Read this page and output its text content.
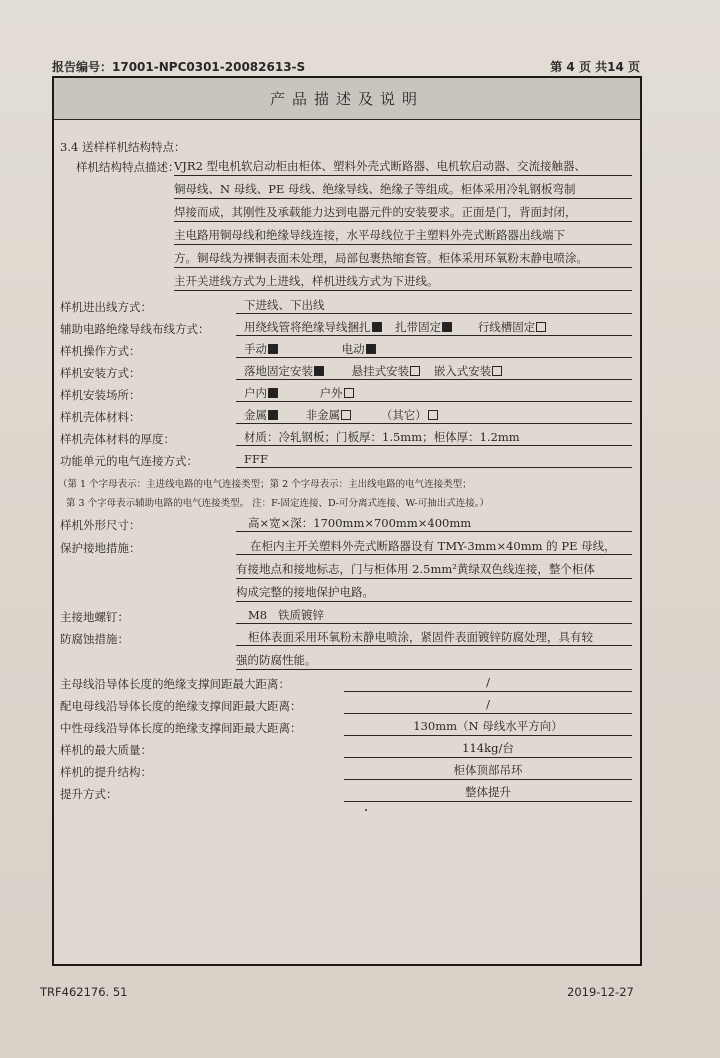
报告编号：17001-NPC0301-20082613-S	第 4 页 共14 页
产品描述及说明
3.4 送样样机结构特点：
样机结构特点描述：
VJR2 型电机软启动柜由柜体、塑料外壳式断路器、电机软启动器、交流接触器、
铜母线、N 母线、PE 母线、绝缘导线、绝缘子等组成。柜体采用冷轧钢板弯制
焊接而成，其刚性及承载能力达到电器元件的安装要求。正面是门，背面封闭，
主电路用铜母线和绝缘导线连接，水平母线位于主塑料外壳式断路器出线端下
方。铜母线为裸铜表面未处理，局部包裹热缩套管。柜体采用环氧粉末静电喷涂。
主开关进线方式为上进线，样机进线方式为下进线。
样机进出线方式：	下进线、下出线
辅助电路绝缘导线布线方式：	用绕线管将绝缘导线捆扎 扎带固定	行线槽固定
样机操作方式：	手动	电动
样机安装方式：	落地固定安装	悬挂式安装 嵌入式安装
样机安装场所：	户内	户外
样机壳体材料：	金属	非金属	（其它）
样机壳体材料的厚度：	材质：冷轧钢板；门板厚：1.5mm；柜体厚：1.2mm
功能单元的电气连接方式：	FFF
（第 1 个字母表示：主进线电路的电气连接类型；第 2 个字母表示：主出线电路的电气连接类型；
第 3 个字母表示辅助电路的电气连接类型。 注：F-固定连接、D-可分离式连接、W-可抽出式连接。）
样机外形尺寸：	高×宽×深：1700mm×700mm×400mm
保护接地措施：	在柜内主开关塑料外壳式断路器设有 TMY-3mm×40mm 的 PE 母线，
有接地点和接地标志，门与柜体用 2.5mm²黄绿双色线连接，整个柜体
构成完整的接地保护电路。
主接地螺钉：	M8   铁质镀锌
防腐蚀措施：	柜体表面采用环氧粉末静电喷涂，紧固件表面镀锌防腐处理，具有较
强的防腐性能。
主母线沿导体长度的绝缘支撑间距最大距离：	/
配电母线沿导体长度的绝缘支撑间距最大距离：	/
中性母线沿导体长度的绝缘支撑间距最大距离：	130mm（N 母线水平方向）
样机的最大质量：	114kg/台
样机的提升结构：	柜体顶部吊环
提升方式：	整体提升
TRF462176. 51	2019-12-27
